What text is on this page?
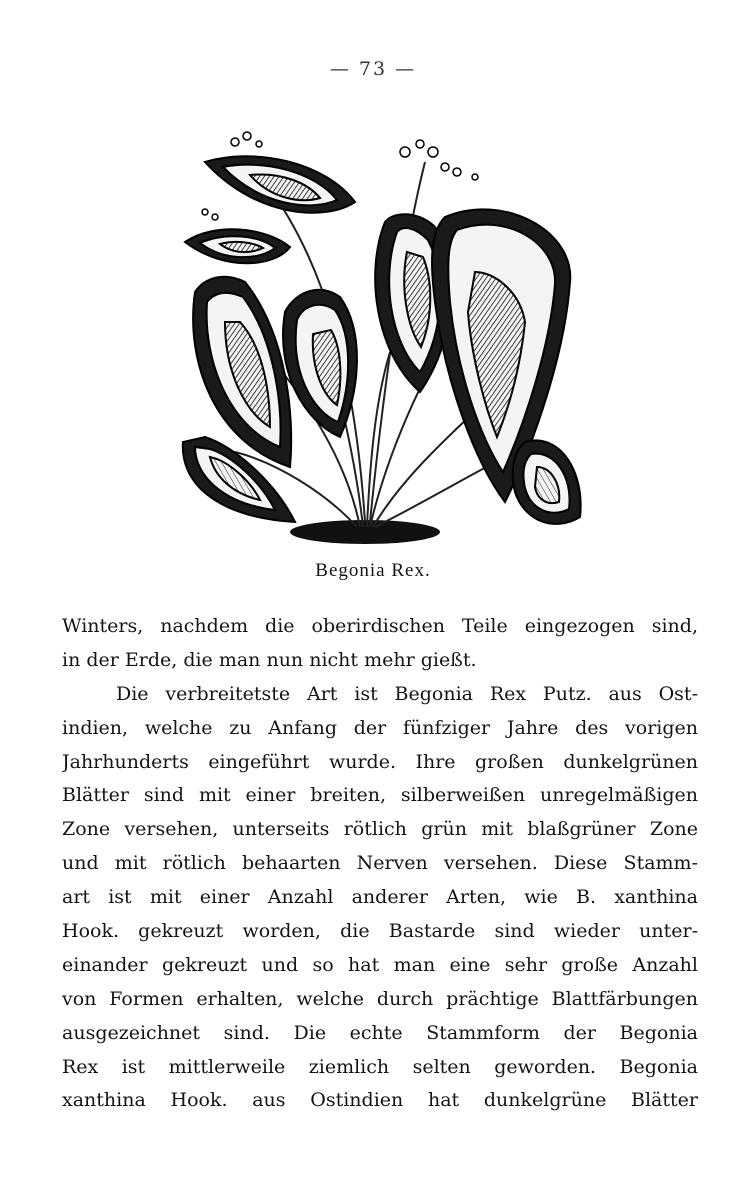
— 73 —
Begonia Rex.
Winters, nachdem die oberirdischen Teile eingezogen sind,
in der Erde, die man nun nicht mehr gießt.
Die verbreitetste Art ist Begonia Rex Putz. aus Ost-
indien, welche zu Anfang der fünfziger Jahre des vorigen
Jahrhunderts eingeführt wurde. Ihre großen dunkelgrünen
Blätter sind mit einer breiten, silberweißen unregelmäßigen
Zone versehen, unterseits rötlich grün mit blaßgrüner Zone
und mit rötlich behaarten Nerven versehen. Diese Stamm-
art ist mit einer Anzahl anderer Arten, wie B. xanthina
Hook. gekreuzt worden, die Bastarde sind wieder unter-
einander gekreuzt und so hat man eine sehr große Anzahl
von Formen erhalten, welche durch prächtige Blattfärbungen
ausgezeichnet sind. Die echte Stammform der Begonia
Rex ist mittlerweile ziemlich selten geworden. Begonia
xanthina Hook. aus Ostindien hat dunkelgrüne Blätter
